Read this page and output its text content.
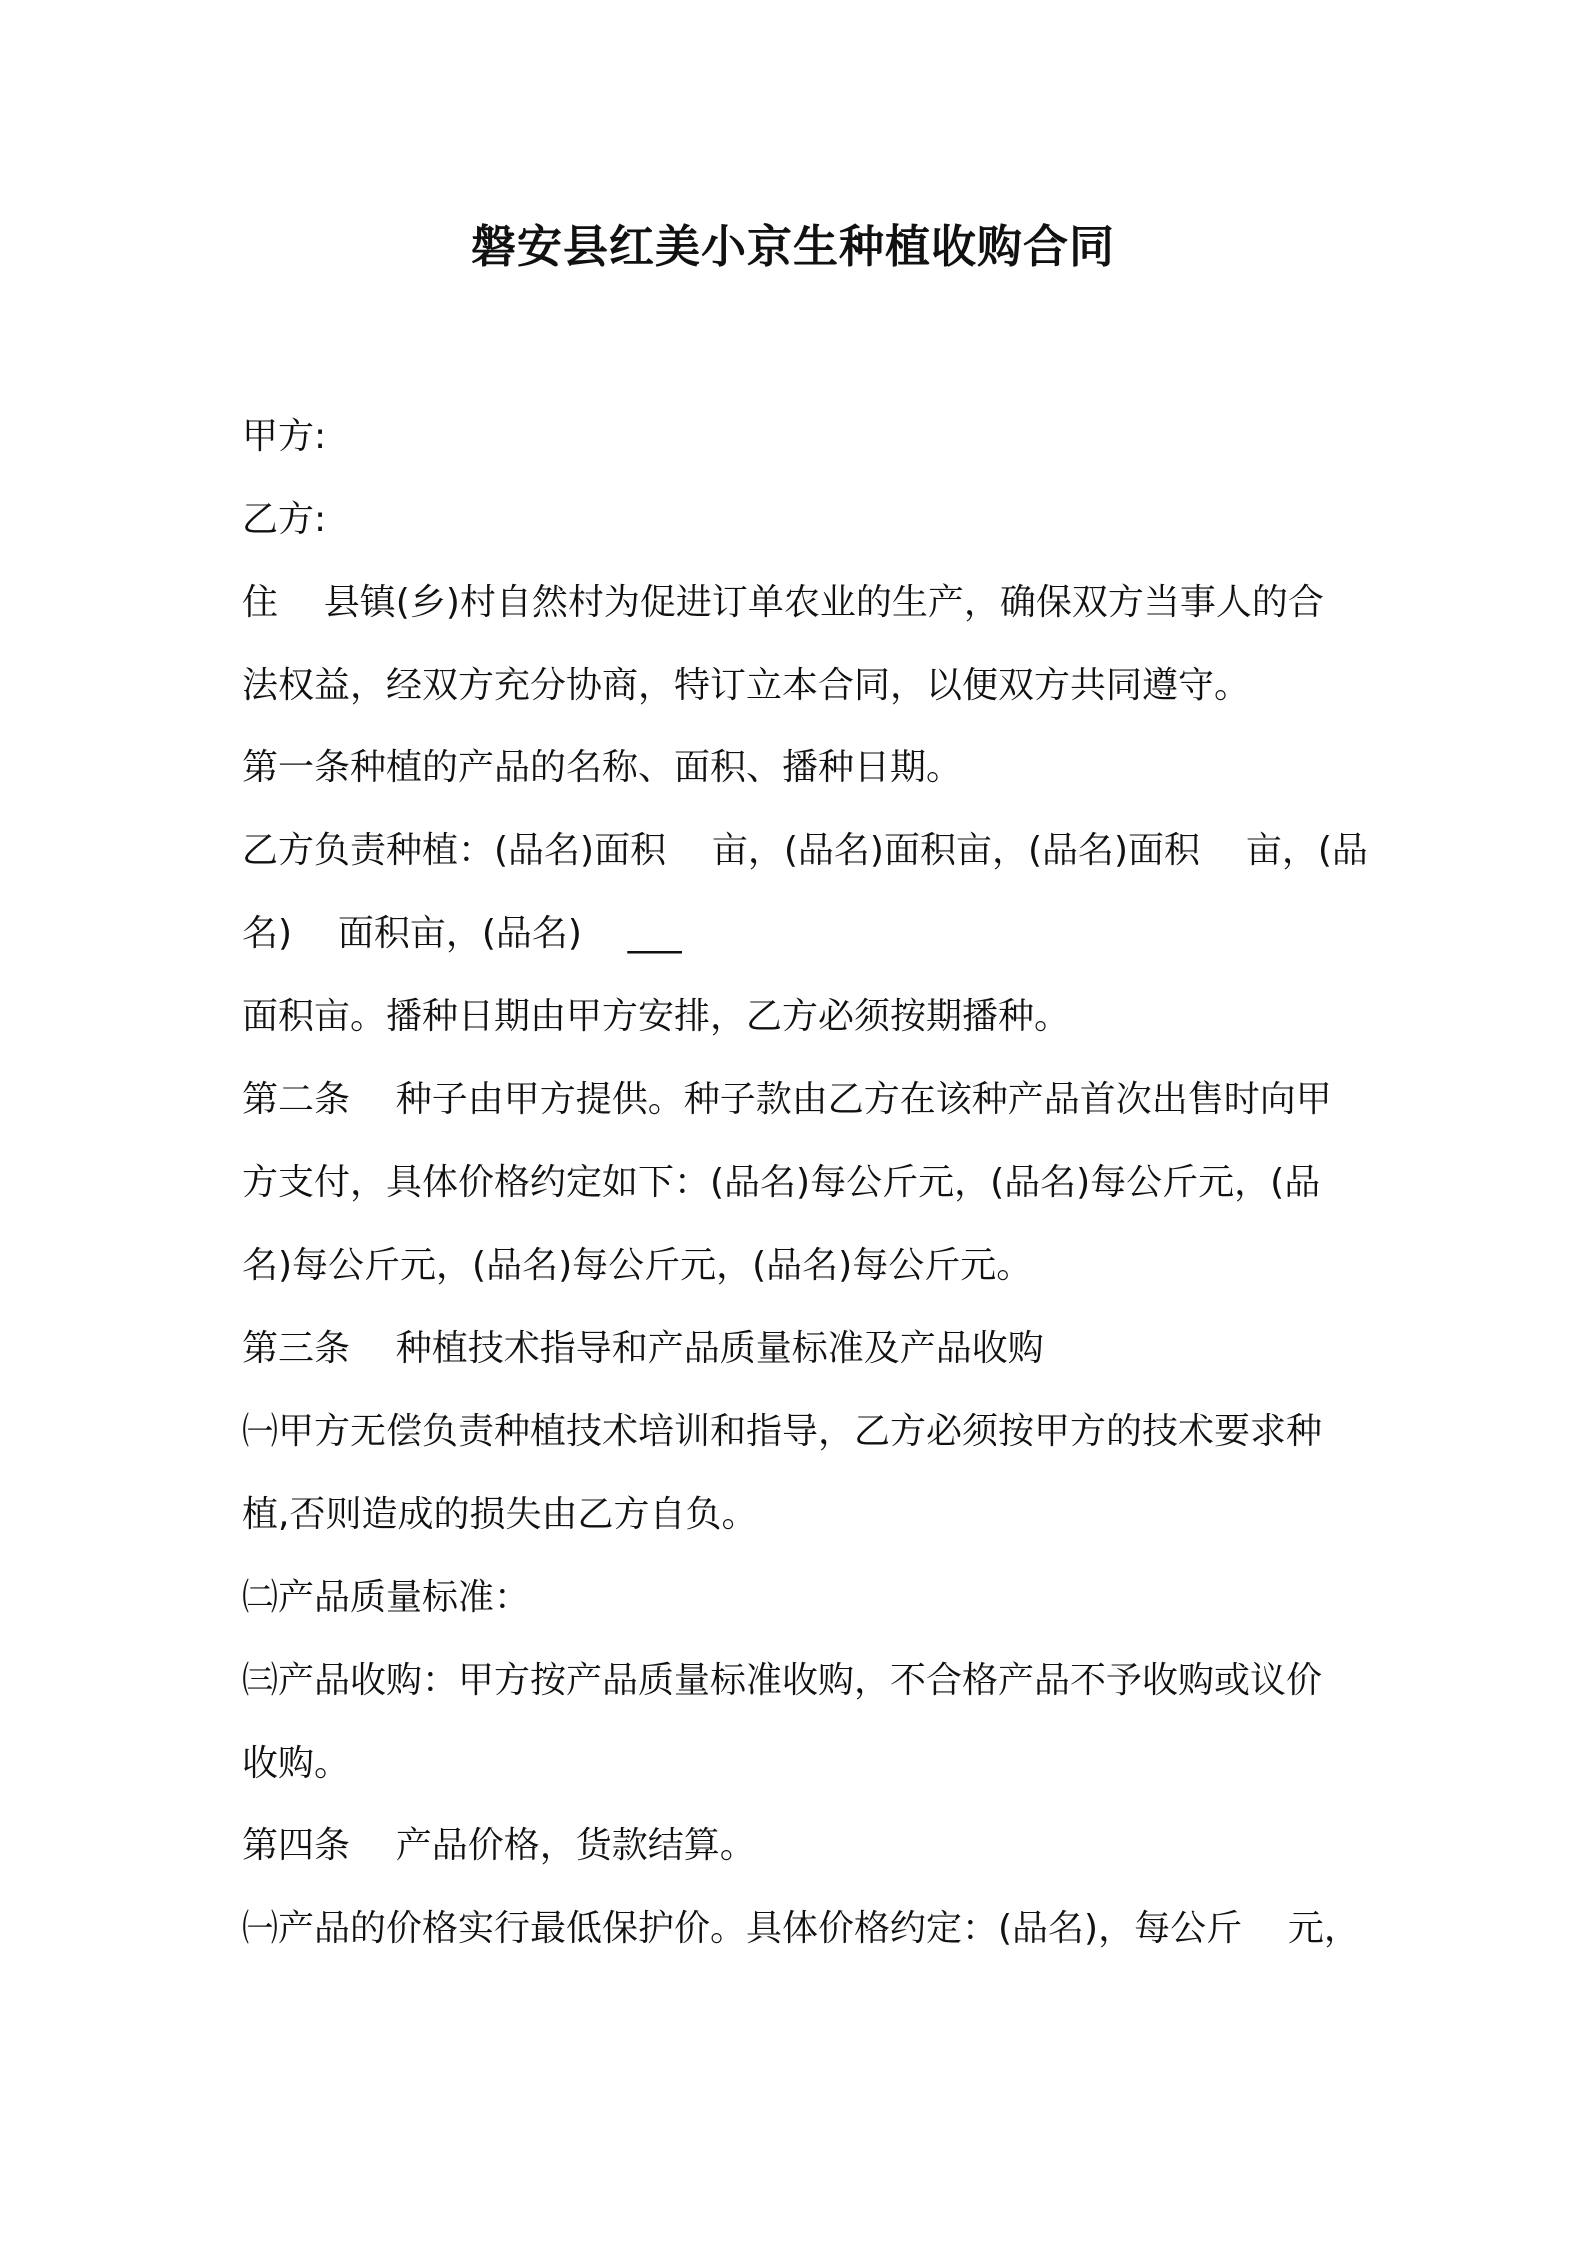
磐安县红美小京生种植收购合同
甲方:
乙方:
住    县镇(乡)村自然村为促进订单农业的生产，确保双方当事人的合
法权益，经双方充分协商，特订立本合同，以便双方共同遵守。
第一条种植的产品的名称、面积、播种日期。
乙方负责种植：(品名)面积    亩，(品名)面积亩，(品名)面积    亩，(品
名)    面积亩，(品名)    ___
面积亩。播种日期由甲方安排，乙方必须按期播种。
第二条    种子由甲方提供。种子款由乙方在该种产品首次出售时向甲
方支付，具体价格约定如下：(品名)每公斤元，(品名)每公斤元，(品
名)每公斤元，(品名)每公斤元，(品名)每公斤元。
第三条    种植技术指导和产品质量标准及产品收购
㈠甲方无偿负责种植技术培训和指导，乙方必须按甲方的技术要求种
植,否则造成的损失由乙方自负。
㈡产品质量标准：
㈢产品收购：甲方按产品质量标准收购，不合格产品不予收购或议价
收购。
第四条    产品价格，货款结算。
㈠产品的价格实行最低保护价。具体价格约定：(品名)，每公斤    元，
